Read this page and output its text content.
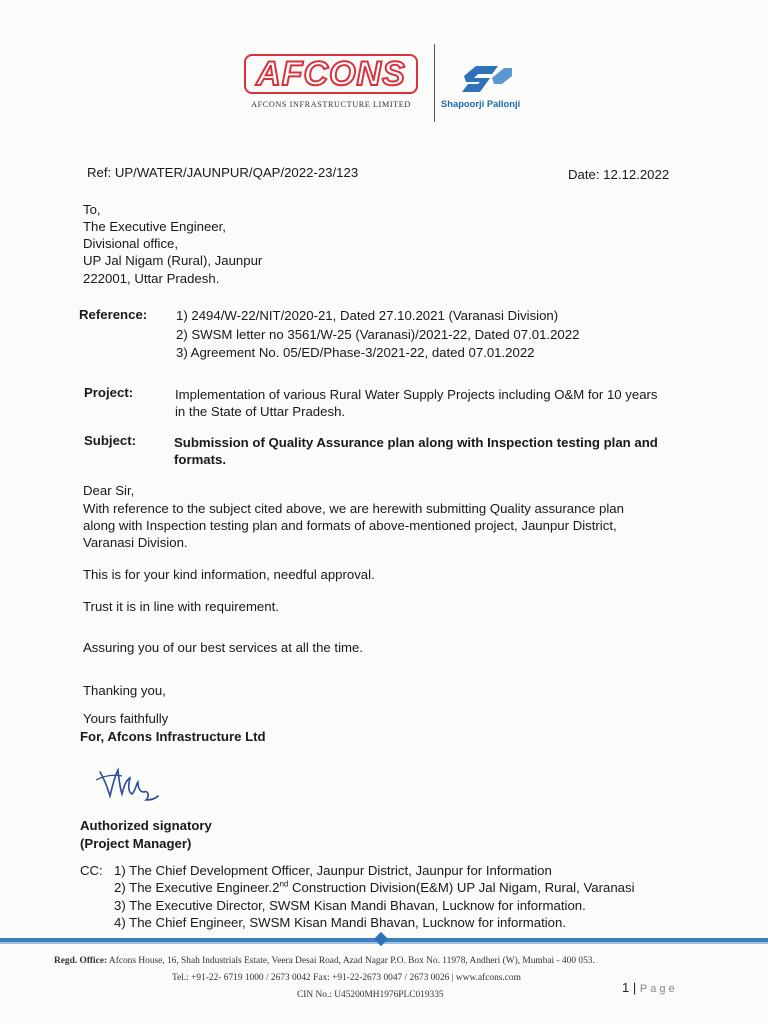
AFCONS
AFCONS INFRASTRUCTURE LIMITED	Shapoorji Pallonji
Ref: UP/WATER/JAUNPUR/QAP/2022-23/123	Date: 12.12.2022
To,
The Executive Engineer,
Divisional office,
UP Jal Nigam (Rural), Jaunpur
222001, Uttar Pradesh.
Reference: 1) 2494/W-22/NIT/2020-21, Dated 27.10.2021 (Varanasi Division)
2) SWSM letter no 3561/W-25 (Varanasi)/2021-22, Dated 07.01.2022
3) Agreement No. 05/ED/Phase-3/2021-22, dated 07.01.2022
Project:	Implementation of various Rural Water Supply Projects including O&M for 10 years
in the State of Uttar Pradesh.
Subject:	Submission of Quality Assurance plan along with Inspection testing plan and
formats.
Dear Sir,
With reference to the subject cited above, we are herewith submitting Quality assurance plan
along with Inspection testing plan and formats of above-mentioned project, Jaunpur District,
Varanasi Division.
This is for your kind information, needful approval.
Trust it is in line with requirement.
Assuring you of our best services at all the time.
Thanking you,
Yours faithfully
For, Afcons Infrastructure Ltd
Authorized signatory
(Project Manager)
CC: 1) The Chief Development Officer, Jaunpur District, Jaunpur for Information
2) The Executive Engineer.2nd Construction Division(E&M) UP Jal Nigam, Rural, Varanasi
3) The Executive Director, SWSM Kisan Mandi Bhavan, Lucknow for information.
4) The Chief Engineer, SWSM Kisan Mandi Bhavan, Lucknow for information.
Regd. Office: Afcons House, 16, Shah Industrials Estate, Veera Desai Road, Azad Nagar P.O. Box No. 11978, Andheri (W), Mumbai - 400 053.
Tel.: +91-22- 6719 1000 / 2673 0042 Fax: +91-22-2673 0047 / 2673 0026 | www.afcons.com
CIN No.: U45200MH1976PLC019335	1 | Page
